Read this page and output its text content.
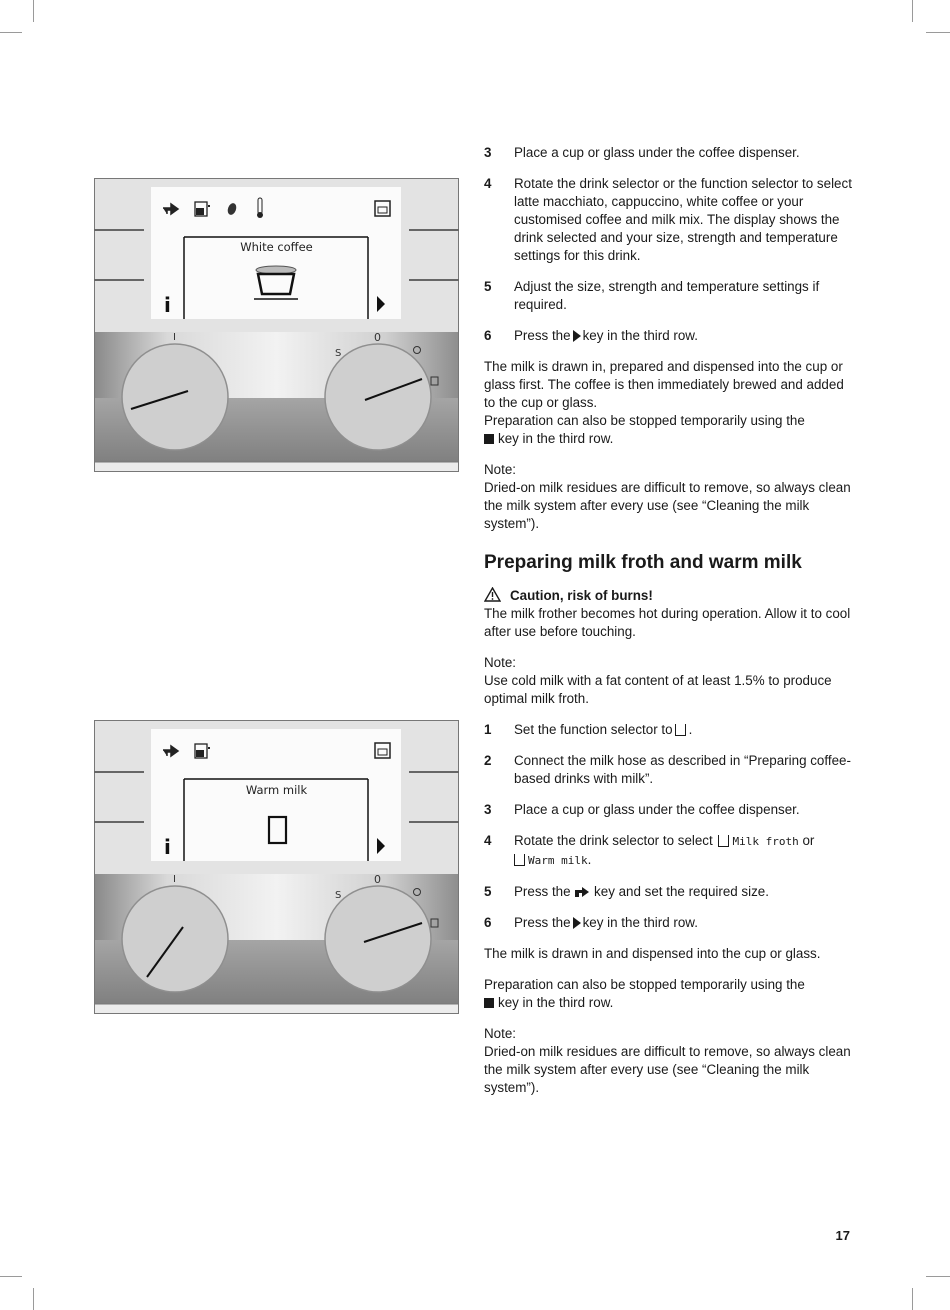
i
I
S
0
White coffee
i
I
S
0
Warm milk
3 Place a cup or glass under the coffee dispenser.
4 Rotate the drink selector or the function selector to select latte macchiato, cappuccino, white coffee or your customised coffee and milk mix. The display shows the drink selected and your size, strength and temperature settings for this drink.
5 Adjust the size, strength and temperature settings if required.
6 Press the key in the third row.

The milk is drawn in, prepared and dispensed into the cup or glass first. The coffee is then immediately brewed and added to the cup or glass.

Preparation can also be stopped temporarily using the

key in the third row.

Note:

Dried-on milk residues are difficult to remove, so always clean the milk system after every use (see “Cleaning the milk system”).

Preparing milk froth and warm milk

Caution, risk of burns!

The milk frother becomes hot during operation. Allow it to cool after use before touching.

Note:

Use cold milk with a fat content of at least 1.5% to produce optimal milk froth.

1 Set the function selector to .
2 Connect the milk hose as described in “Preparing coffee-based drinks with milk”.
3 Place a cup or glass under the coffee dispenser.
4 Rotate the drink selector to select Milk froth or
Warm milk.
5 Press the key and set the required size.
6 Press the key in the third row.

The milk is drawn in and dispensed into the cup or glass.

Preparation can also be stopped temporarily using the

key in the third row.

Note:

Dried-on milk residues are difficult to remove, so always clean the milk system after every use (see “Cleaning the milk system”).

17
